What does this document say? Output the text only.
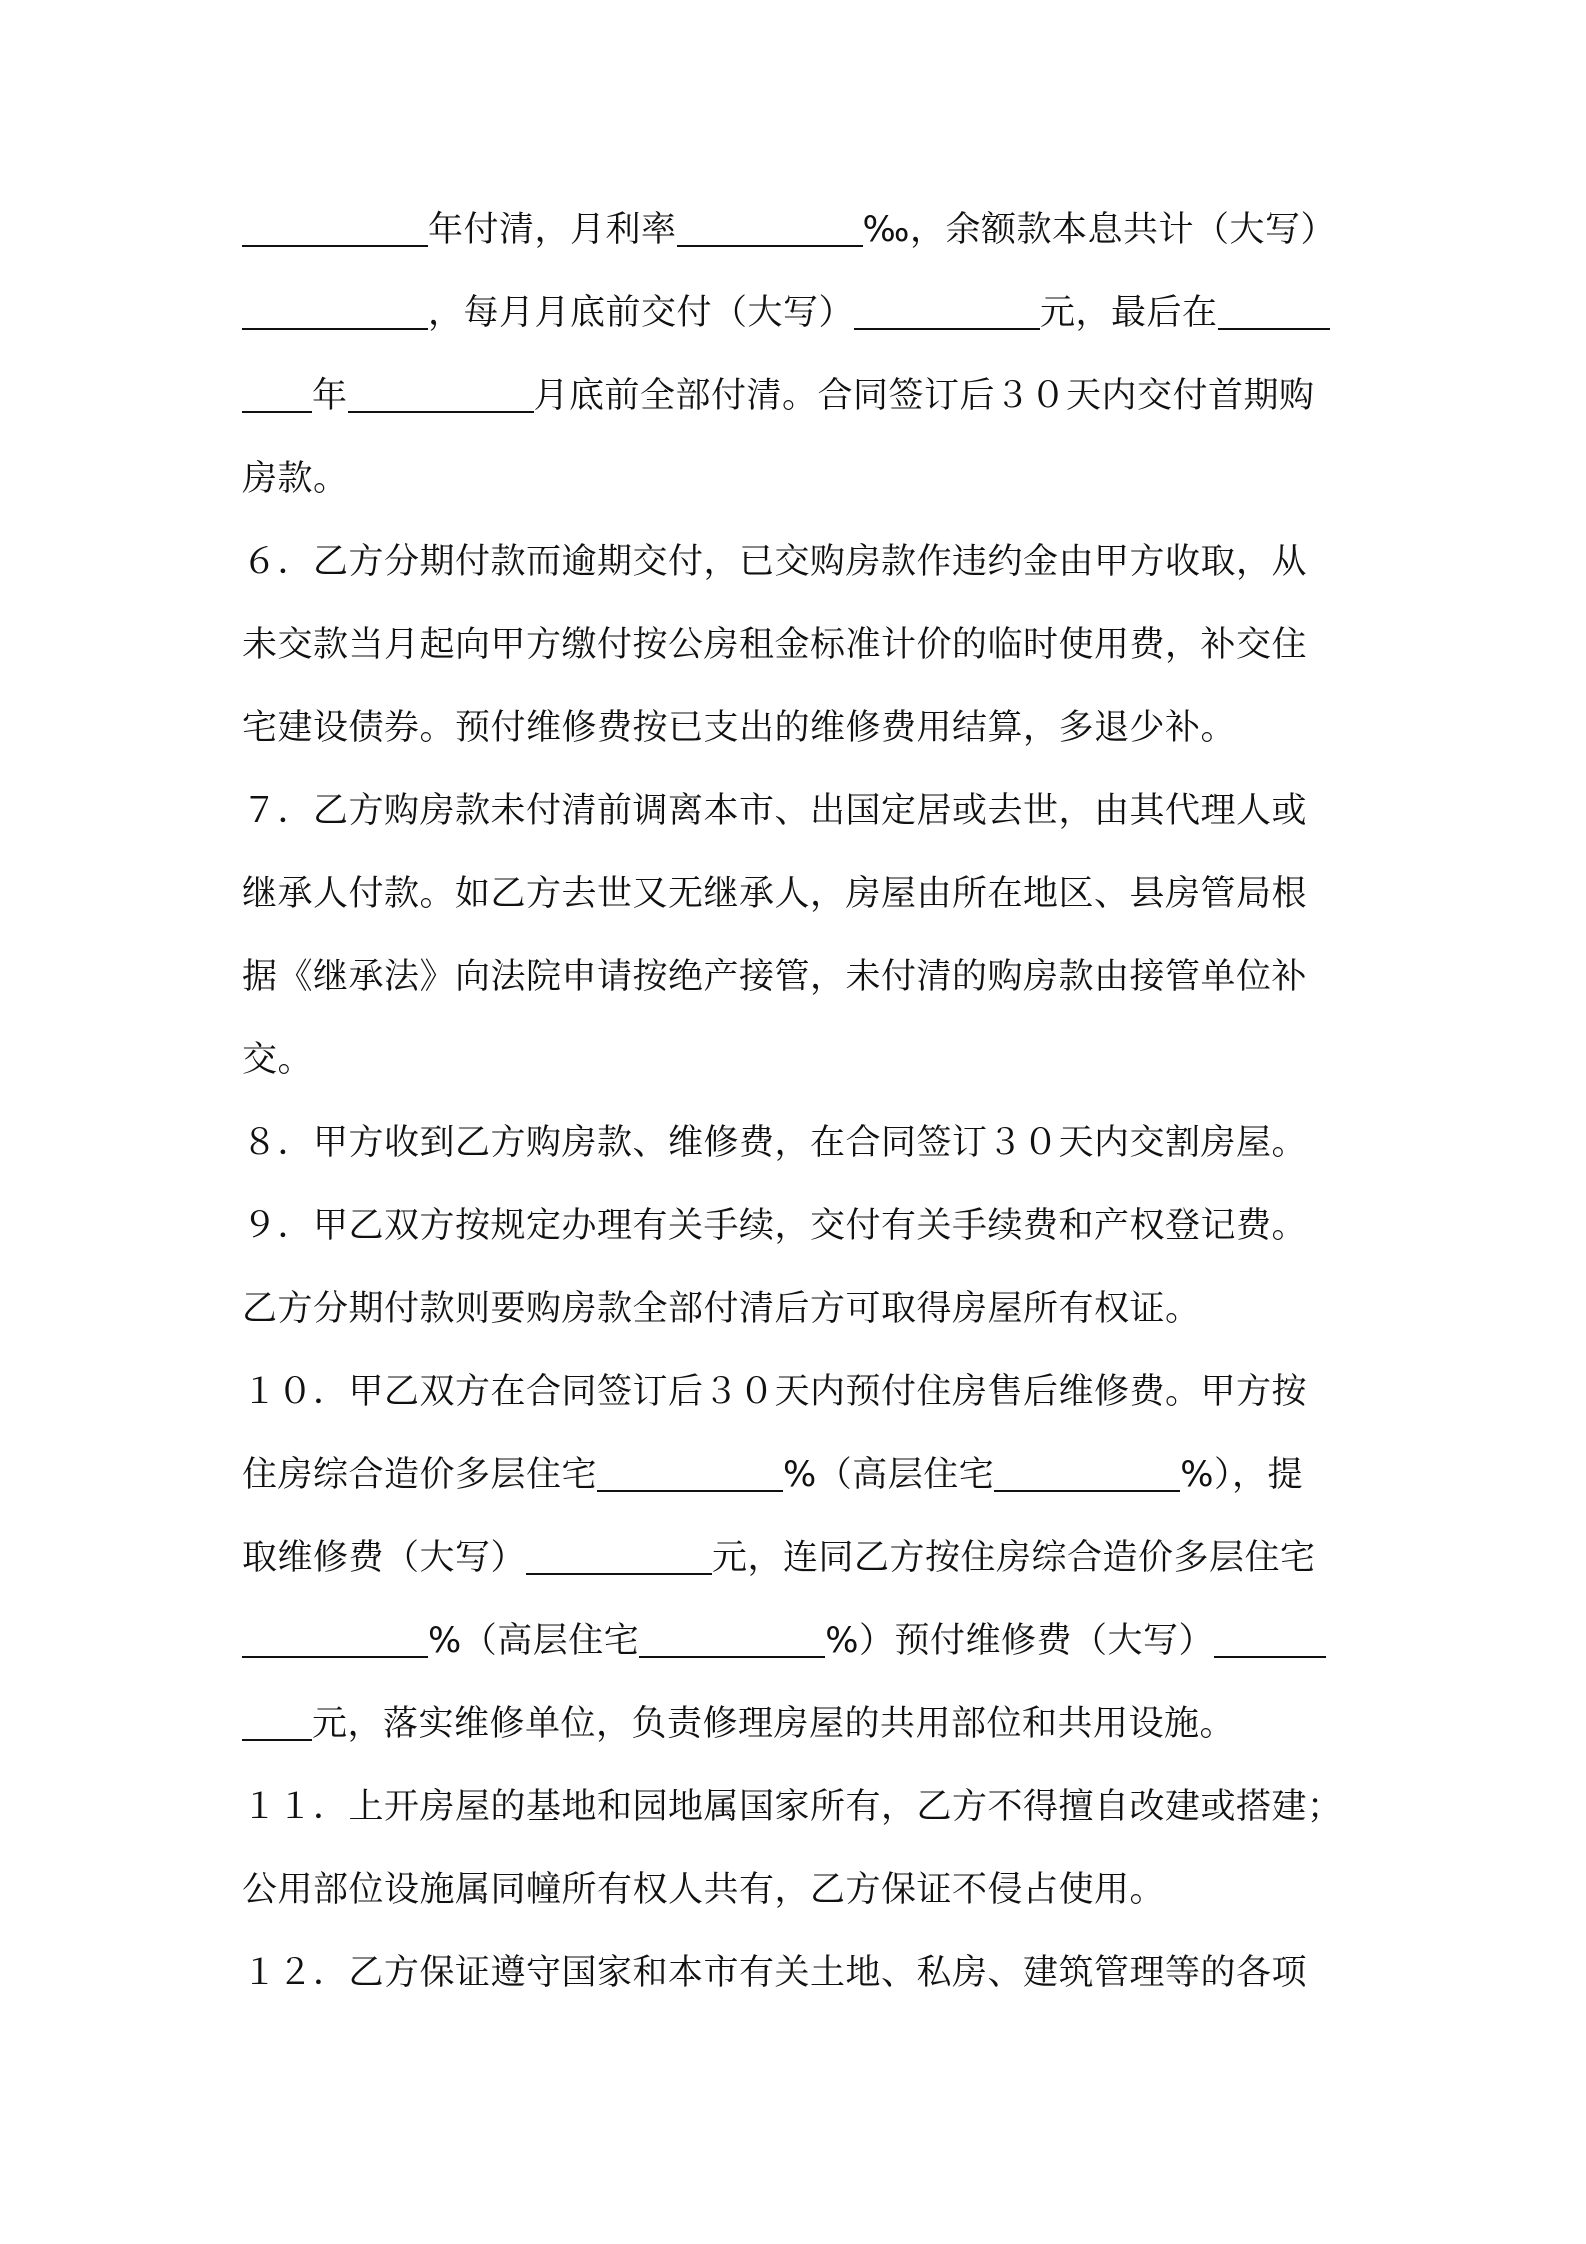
年付清，月利率	‰，余额款本息共计（大写）
，每月月底前交付（大写）	元，最后在
年	月底前全部付清。合同签订后３０天内交付首期购
房款。
６．乙方分期付款而逾期交付，已交购房款作违约金由甲方收取，从
未交款当月起向甲方缴付按公房租金标准计价的临时使用费，补交住
宅建设债券。预付维修费按已支出的维修费用结算，多退少补。
７．乙方购房款未付清前调离本市、出国定居或去世，由其代理人或
继承人付款。如乙方去世又无继承人，房屋由所在地区、县房管局根
据《继承法》向法院申请按绝产接管，未付清的购房款由接管单位补
交。
８．甲方收到乙方购房款、维修费，在合同签订３０天内交割房屋。
９．甲乙双方按规定办理有关手续，交付有关手续费和产权登记费。
乙方分期付款则要购房款全部付清后方可取得房屋所有权证。
１０．甲乙双方在合同签订后３０天内预付住房售后维修费。甲方按
住房综合造价多层住宅	%（高层住宅	%），提
取维修费（大写）	元，连同乙方按住房综合造价多层住宅
%（高层住宅	%）预付维修费（大写）
元，落实维修单位，负责修理房屋的共用部位和共用设施。
１１．上开房屋的基地和园地属国家所有，乙方不得擅自改建或搭建；
公用部位设施属同幢所有权人共有，乙方保证不侵占使用。
１２．乙方保证遵守国家和本市有关土地、私房、建筑管理等的各项
